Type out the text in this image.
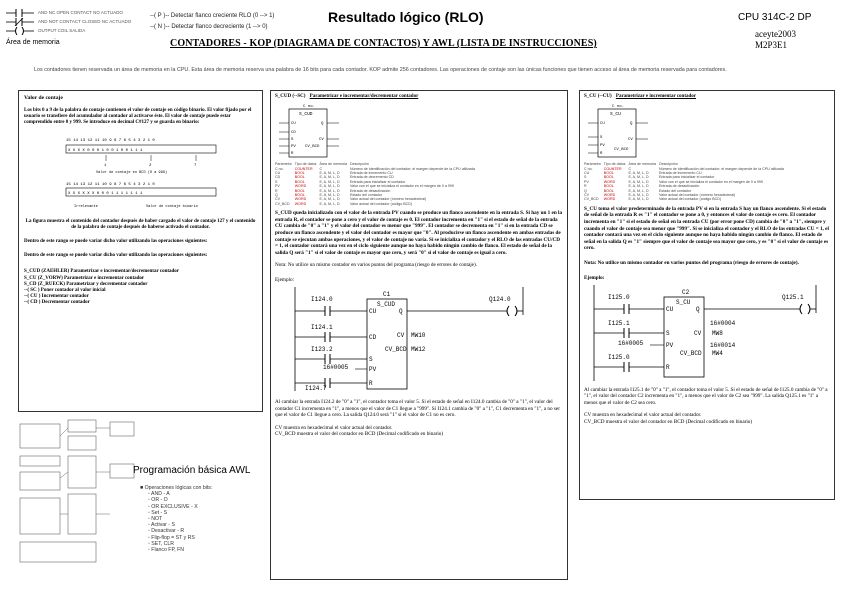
AND NC OPEN CONTACT NO ACTUADO
AND NOT CONTACT CLOSED NC ACTUADO
OUTPUT COIL SALIDA
Área de memoria
--( P )-- Detectar flanco creciente RLO (0 --> 1)
--( N )-- Detectar flanco decreciente (1 --> 0)
Resultado lógico (RLO)
CONTADORES - KOP (DIAGRAMA DE CONTACTOS) Y AWL (LISTA DE INSTRUCCIONES)
CPU 314C-2 DP
aceyte2003
M2P3E1
Los contadores tienen reservada un área de memoria en la CPU. Esta área de memoria reserva una palabra de 16 bits para cada contador. KOP admite 256 contadores. Las operaciones de contaje son las únicas funciones que tienen acceso al área de memoria reservada para contadores.
Valor de contaje
Los bits 0 a 9 de la palabra de contaje contienen el valor de contaje en código binario. El valor fijado por el usuario se transfiere del acumulador al contador al activarse éste. El valor de contaje puede estar comprendido entre 0 y 999. Se introduce en decimal C#127 y se guarda en binario:
15 14 13 12 11 10 9 8 7 6 5 4 3 2 1 0
X X X X 0 0 0 1 0 0 1 0 0 1 1 1
1	2	7
Valor de contaje en BCD (0 a 999)
15 14 13 12 11 10 9 8 7 6 5 4 3 2 1 0
X X X X X X 0 0 0 1 1 1 1 1 1 1
Irrelevante	Valor de contaje binario
La figura muestra el contenido del contador después de haber cargado el valor de contaje 127 y el contenido de la palabra de contaje después de haberse activado el contador.
Dentro de este rango se puede variar dicho valor utilizando las operaciones siguientes:
Dentro de este rango se puede variar dicho valor utilizando las operaciones siguientes:
S_CUD (ZAEHLER) Parametrizar e incrementar/decrementar contador
S_CU (Z_VORW) Parametrizar e incrementar contador
S_CD (Z_RUECK) Parametrizar y decrementar contador
--( SC ) Poner contador al valor inicial
--( CU ) Incrementar contador
--( CD ) Decrementar contador
Programación básica AWL
■ Operaciones lógicas con bits:
◦ AND - A
◦ OR - O
◦ OR EXCLUSIVE - X
◦ Set - S
◦ NOT
◦ Activar - S
◦ Desactivar - R
◦ Flip-flop = ST y RS
◦ SET, CLR
◦ Flanco FP, FN
S_CUD (--SC) Parametrizar e incrementar/decrementar contador
C no.
S_CUD
CU
CD
S
PV
R
Q
CV
CV_BCD
Parámetro	Tipo de datos	Área de memoria	Descripción
C no.	COUNTER	C	Número de identificación del contador; el margen depende de la CPU utilizada
CU	BOOL	E, A, M, L, D	Entrada de incremento CU
CD	BOOL	E, A, M, L, D	Entrada de decremento CD
S	BOOL	E, A, M, L, D	Entrada para inicializar el contador
PV	WORD	E, A, M, L, D	Valor con el que se inicializa el contador en el margen de 0 a 999
R	BOOL	E, A, M, L, D	Entrada de desactivación
Q	BOOL	E, A, M, L, D	Estado del contador
CV	WORD	E, A, M, L, D	Valor actual del contador (número hexadecimal)
CV_BCD	WORD	E, A, M, L, D	Valor actual del contador (código BCD)
S_CUD queda inicializado con el valor de la entrada PV cuando se produce un flanco ascendente en la entrada S. Si hay un 1 en la entrada R, el contador se pone a cero y el valor de contaje es 0. El contador incrementa en "1" si el estado de señal de la entrada CU cambia de "0" a "1" y el valor del contador es menor que "999". El contador se decrementa en "1" si en la entrada CD se produce un flanco ascendente y el valor del contador es mayor que "0". Al producirse un flanco ascendente en ambas entradas de contaje se ejecutan ambas operaciones, y el valor de contaje no varía. Si se inicializa el contador y el RLO de las entradas CU/CD = 1, el contador contará una vez en el ciclo siguiente aunque no haya habido ningún cambio de flanco. El estado de señal de la salida Q será "1" si el valor de contaje es mayor que cero, y será "0" si el valor de contaje es igual a cero.
Nota: No utilice un mismo contador en varios puntos del programa (riesgo de errores de contaje).
Ejemplo:
C1
S_CUD
I124.0
CU
I124.1
CD
I123.2
S
16#0005	PV
I124.7
R
Q
Q124.0
CV MW10
CV_BCD MW12
Al cambiar la entrada I124.2 de "0" a "1", el contador toma el valor 5. Si el estado de señal en I124.0 cambia de "0" a "1", el valor del contador C1 incrementa en "1", a menos que el valor de C1 llegue a "999". Si I124.1 cambia de "0" a "1", C1 decrementa en "1", a no ser que el valor de C1 llegue a cero. La salida Q124.0 será "1" si el valor de C1 no es cero.
CV muestra en hexadecimal el valor actual del contador.
CV_BCD muestra el valor del contador en BCD (Decimal codificado en binario)
S_CU (--CU) Parametrizar e incrementar contador
C no.
S_CU
CU
S
PV
R
Q
CV
CV_BCD
Parámetro	Tipo de datos	Área de memoria	Descripción
C no.	COUNTER	C	Número de identificación del contador; el margen depende de la CPU utilizada
CU	BOOL	E, A, M, L, D	Entrada de incremento CU
S	BOOL	E, A, M, L, D	Entrada para inicializar el contador
PV	WORD	E, A, M, L, D	Valor con el que se inicializa el contador en el margen de 0 a 999
R	BOOL	E, A, M, L, D	Entrada de desactivación
Q	BOOL	E, A, M, L, D	Estado del contador
CV	WORD	E, A, M, L, D	Valor actual del contador (número hexadecimal)
CV_BCD	WORD	E, A, M, L, D	Valor actual del contador (código BCD)
S_CU toma el valor predeterminado de la entrada PV si en la entrada S hay un flanco ascendente. Si el estado de señal de la entrada R es "1" el contador se pone a 0, y entonces el valor de contaje es cero. El contador incrementa en "1" si el estado de señal en la entrada CU (por error pone CD) cambia de "0" a "1", siempre y cuando el valor de contaje sea menor que "999". Si se inicializa el contador y el RLO de las entradas CU = 1, el contador contará una vez en el ciclo siguiente aunque no haya habido ningún cambio de flanco. El estado de señal en la salida Q es "1" siempre que el valor de contaje sea mayor que cero, y es "0" si el valor de contaje es cero.
Nota: No utilice un mismo contador en varios puntos del programa (riesgo de errores de contaje).
Ejemplo:
C2
S_CU
I125.0
CU
I125.1
S
16#0005	PV
I125.0
R
Q
Q125.1
16#0004
CV MW8
16#0014
CV_BCD MW4
Al cambiar la entrada I125.1 de "0" a "1", el contador toma el valor 5. Si el estado de señal de I125.0 cambia de "0" a "1", el valor del contador C2 incrementa en "1", a menos que el valor de C2 sea "999". La salida Q125.1 es "1" a menos que el valor de C2 sea cero.
CV muestra en hexadecimal el valor actual del contador.
CV_BCD muestra el valor del contador en BCD (Decimal codificado en binario)
